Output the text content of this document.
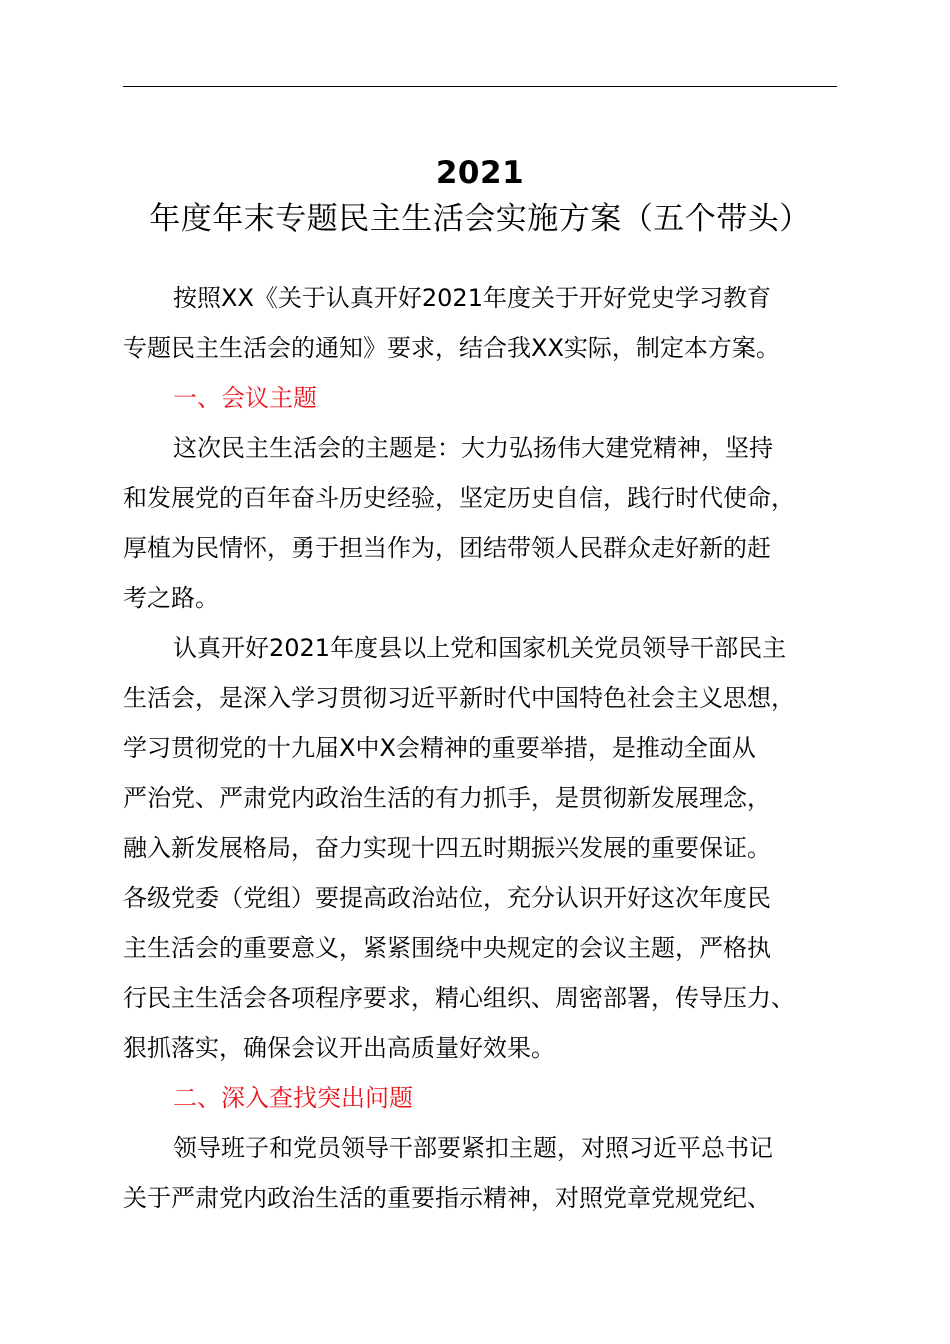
2021年度年末专题民主生活会实施方案（五个带头）
按照XX《关于认真开好2021年度关于开好党史学习教育
专题民主生活会的通知》要求，结合我XX实际，制定本方案。
一、会议主题
这次民主生活会的主题是：大力弘扬伟大建党精神，坚持
和发展党的百年奋斗历史经验，坚定历史自信，践行时代使命，
厚植为民情怀，勇于担当作为，团结带领人民群众走好新的赶
考之路。
认真开好2021年度县以上党和国家机关党员领导干部民主
生活会，是深入学习贯彻习近平新时代中国特色社会主义思想，
学习贯彻党的十九届X中X会精神的重要举措，是推动全面从
严治党、严肃党内政治生活的有力抓手，是贯彻新发展理念，
融入新发展格局，奋力实现十四五时期振兴发展的重要保证。
各级党委（党组）要提高政治站位，充分认识开好这次年度民
主生活会的重要意义，紧紧围绕中央规定的会议主题，严格执
行民主生活会各项程序要求，精心组织、周密部署，传导压力、
狠抓落实，确保会议开出高质量好效果。
二、深入查找突出问题
领导班子和党员领导干部要紧扣主题，对照习近平总书记
关于严肃党内政治生活的重要指示精神，对照党章党规党纪、
